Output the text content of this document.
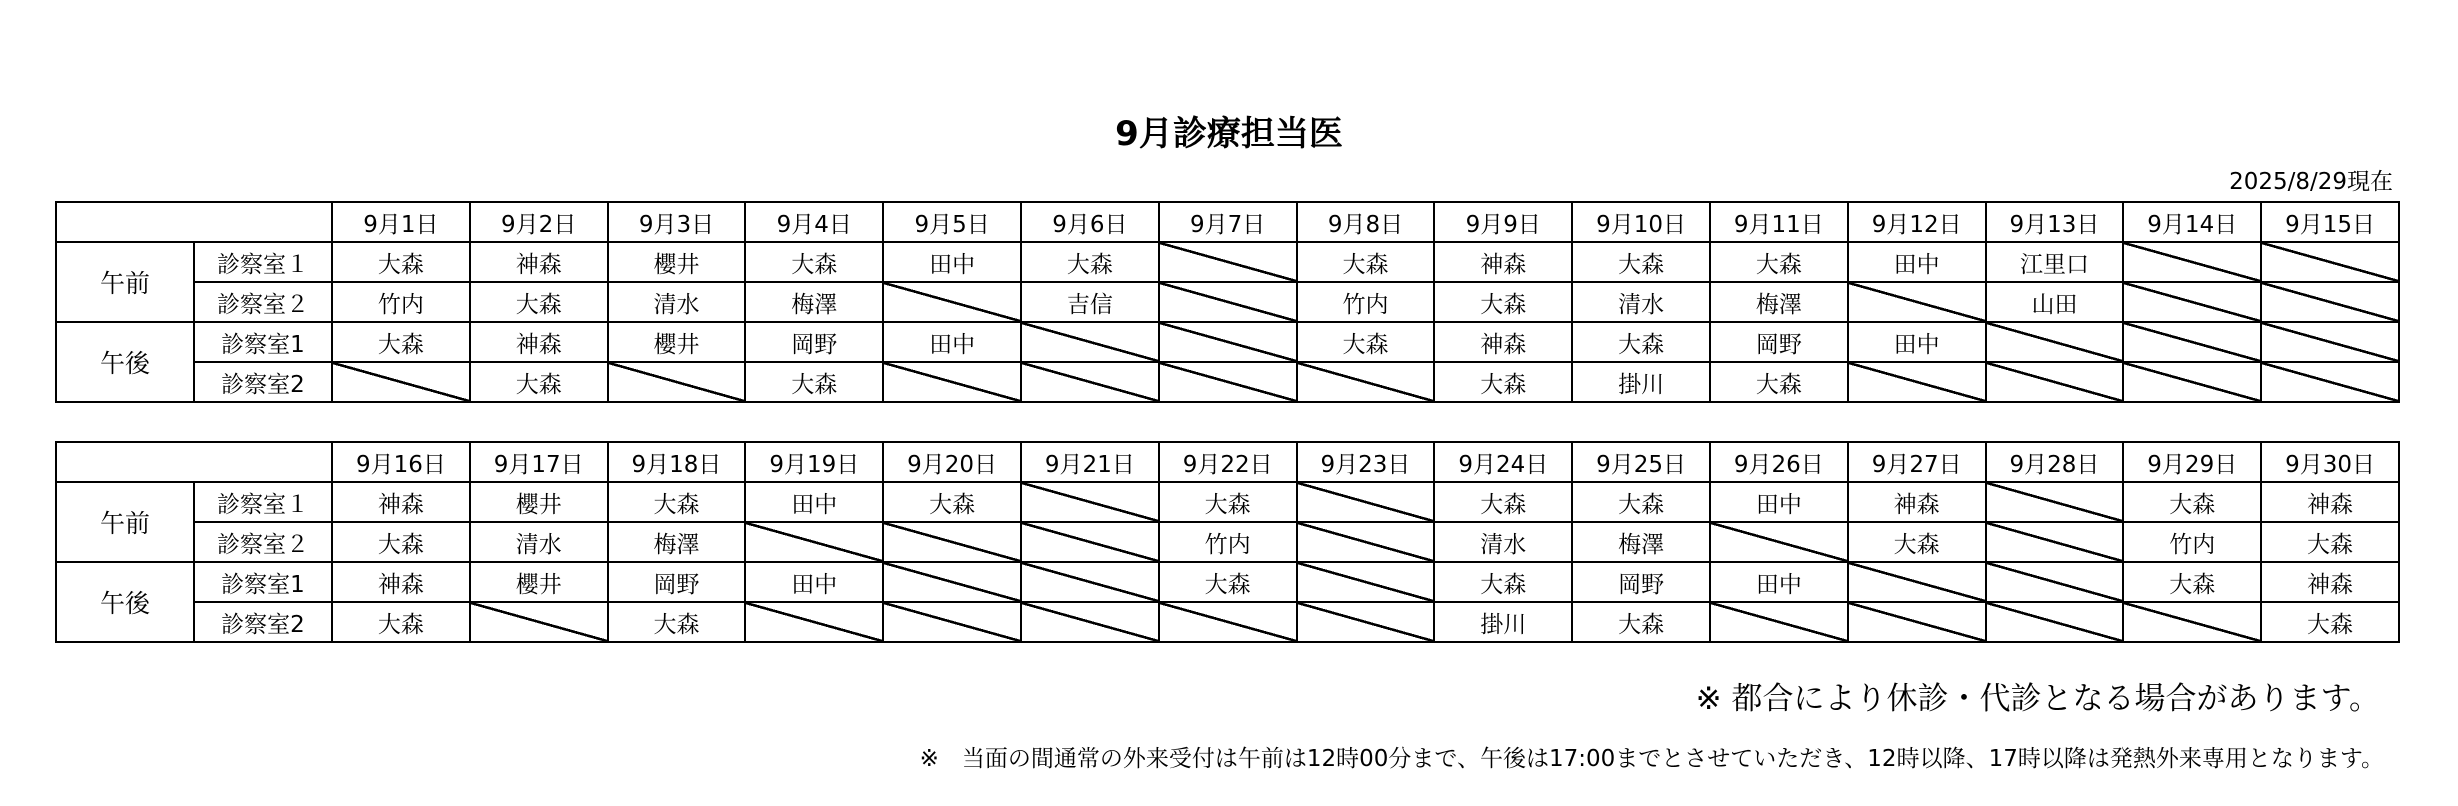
9月診療担当医
2025/8/29現在
		9月1日	9月2日	9月3日	9月4日	9月5日	9月6日	9月7日	9月8日	9月9日	9月10日	9月11日	9月12日	9月13日	9月14日	9月15日
午前	診察室１	大森	神森	櫻井	大森	田中	大森		大森	神森	大森	大森	田中	江里口		
	診察室２	竹内	大森	清水	梅澤		吉信		竹内	大森	清水	梅澤		山田		
午後	診察室1	大森	神森	櫻井	岡野	田中			大森	神森	大森	岡野	田中			
	診察室2		大森		大森					大森	掛川	大森				
		9月16日	9月17日	9月18日	9月19日	9月20日	9月21日	9月22日	9月23日	9月24日	9月25日	9月26日	9月27日	9月28日	9月29日	9月30日
午前	診察室１	神森	櫻井	大森	田中	大森		大森		大森	大森	田中	神森		大森	神森
	診察室２	大森	清水	梅澤				竹内		清水	梅澤		大森		竹内	大森
午後	診察室1	神森	櫻井	岡野	田中			大森		大森	岡野	田中			大森	神森
	診察室2	大森		大森						掛川	大森					大森
※ 都合により休診・代診となる場合があります。
※　当面の間通常の外来受付は午前は12時00分まで、午後は17:00までとさせていただき、12時以降、17時以降は発熱外来専用となります。
